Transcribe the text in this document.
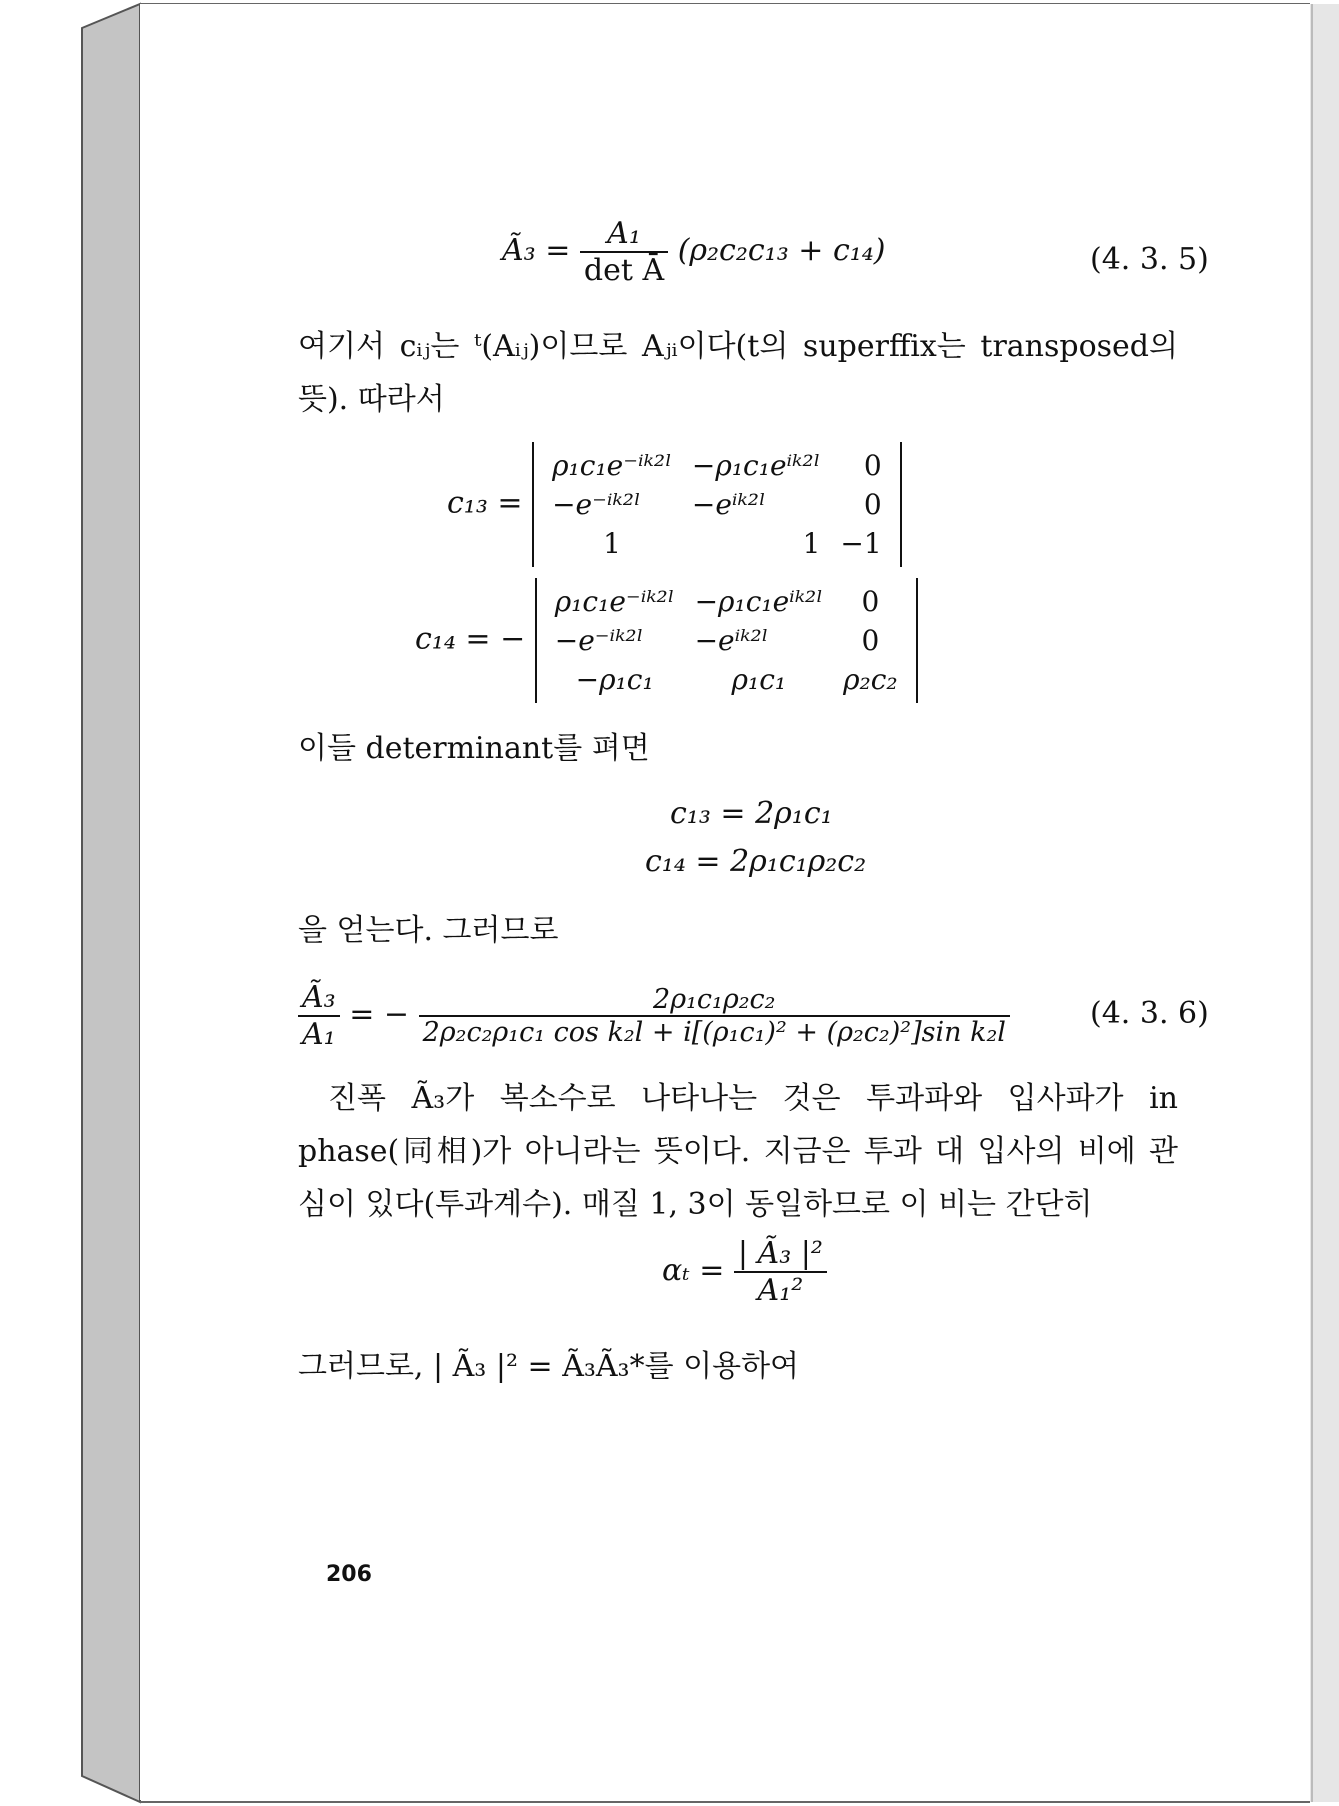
Ã₃ = $\frac{\text{A₁}}{\text{det Ā}} (\rho_2c_2c_{13} + c_{14})$	(4. 3. 5)
여기서 cᵢⱼ는 ᵗ(Aᵢⱼ)이므로 Aⱼᵢ이다(t의 superffix는 transposed의
뜻). 따라서
c₁₃ =
ρ₁c₁e⁻ⁱᵏ²ˡ	−ρ₁c₁eⁱᵏ²ˡ	0
−e⁻ⁱᵏ²ˡ	−eⁱᵏ²ˡ	0
1	1	−1
c₁₄ = −
ρ₁c₁e⁻ⁱᵏ²ˡ	−ρ₁c₁eⁱᵏ²ˡ	0
−e⁻ⁱᵏ²ˡ	−eⁱᵏ²ˡ	0
−ρ₁c₁	ρ₁c₁	ρ₂c₂
이들 determinant를 펴면
c₁₃ = 2ρ₁c₁
c₁₄ = 2ρ₁c₁ρ₂c₂
을 얻는다. 그러므로
$\frac{\text{Ã₃}}{\text{A₁}}$ = − $\frac{\text{2ρ₁c₁ρ₂c₂}}{\text{2ρ₂c₂ρ₁c₁ cos k₂l + i[(ρ₁c₁)² + (ρ₂c₂)²]sin k₂l}}$	(4. 3. 6)
진폭 Ã₃가 복소수로 나타나는 것은 투과파와 입사파가 in
phase(同相)가 아니라는 뜻이다. 지금은 투과 대 입사의 비에 관
심이 있다(투과계수). 매질 1, 3이 동일하므로 이 비는 간단히
$\alpha_t = \frac{\text{| Ã₃ |²}}{\text{A₁²}}$
그러므로, | Ã₃ |² = Ã₃Ã₃*를 이용하여
206
